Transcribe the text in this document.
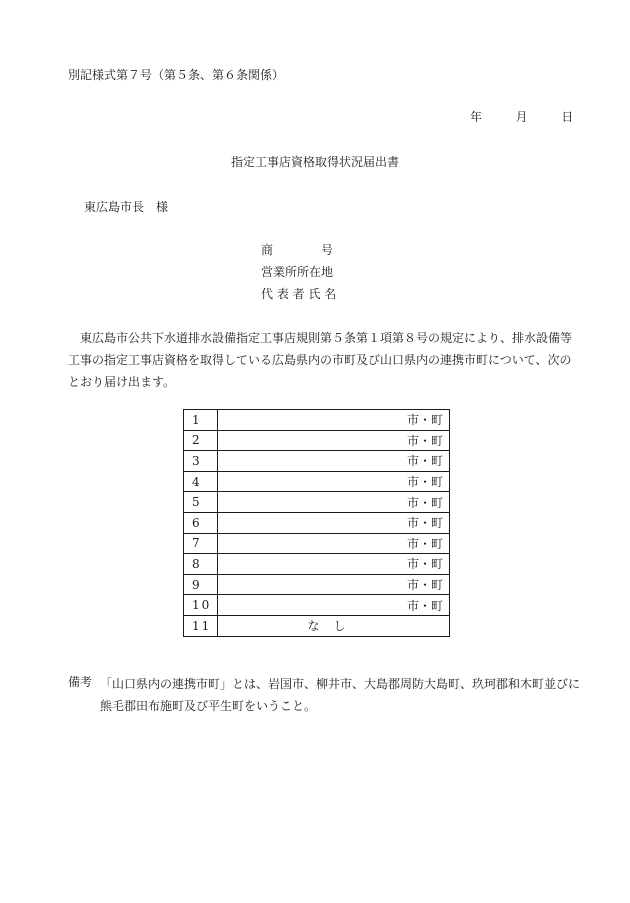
別記様式第７号（第５条、第６条関係）
年	月	日
指定工事店資格取得状況届出書
東広島市長　様
商　　　　号
営業所所在地
代 表 者 氏 名

東広島市公共下水道排水設備指定工事店規則第５条第１項第８号の規定により、排水設備等工事の指定工事店資格を取得している広島県内の市町及び山口県内の連携市町について、次のとおり届け出ます。

1	市・町
2	市・町
3	市・町
4	市・町
5	市・町
6	市・町
7	市・町
8	市・町
9	市・町
10	市・町
11	なし
備考 「山口県内の連携市町」とは、岩国市、柳井市、大島郡周防大島町、玖珂郡和木町並びに熊毛郡田布施町及び平生町をいうこと。
